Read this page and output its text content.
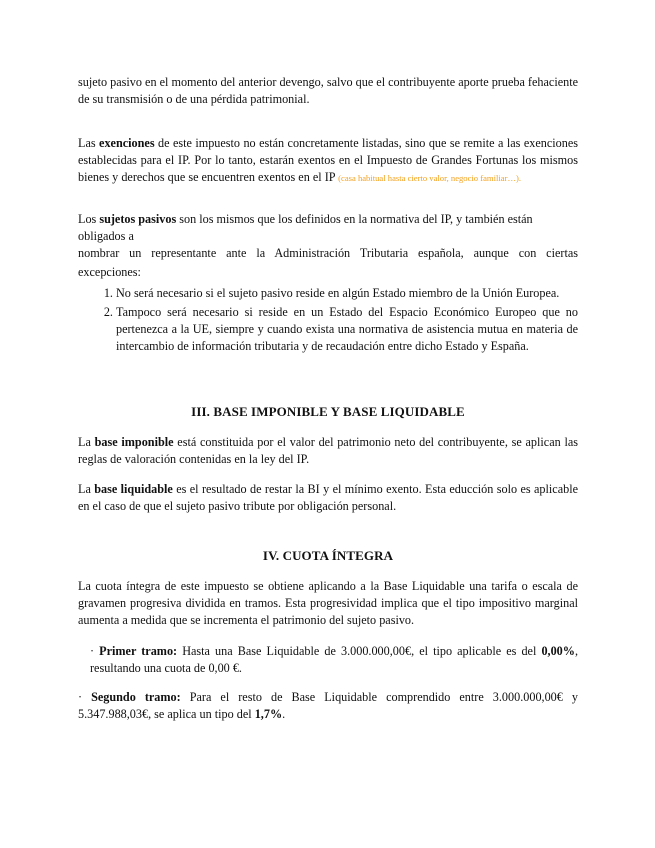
sujeto pasivo en el momento del anterior devengo, salvo que el contribuyente aporte prueba fehaciente de su transmisión o de una pérdida patrimonial.

Las exenciones de este impuesto no están concretamente listadas, sino que se remite a las exenciones establecidas para el IP. Por lo tanto, estarán exentos en el Impuesto de Grandes Fortunas los mismos bienes y derechos que se encuentren exentos en el IP (casa habitual hasta cierto valor, negocio familiar…).

Los sujetos pasivos son los mismos que los definidos en la normativa del IP, y también están obligados a

nombrar un representante ante la Administración Tributaria española, aunque con ciertas

excepciones:

1. No será necesario si el sujeto pasivo reside en algún Estado miembro de la Unión Europea.
2. Tampoco será necesario si reside en un Estado del Espacio Económico Europeo que no pertenezca a la UE, siempre y cuando exista una normativa de asistencia mutua en materia de intercambio de información tributaria y de recaudación entre dicho Estado y España.
III. BASE IMPONIBLE Y BASE LIQUIDABLE

La base imponible está constituida por el valor del patrimonio neto del contribuyente, se aplican las reglas de valoración contenidas en la ley del IP.

La base liquidable es el resultado de restar la BI y el mínimo exento. Esta educción solo es aplicable en el caso de que el sujeto pasivo tribute por obligación personal.

IV. CUOTA ÍNTEGRA

La cuota íntegra de este impuesto se obtiene aplicando a la Base Liquidable una tarifa o escala de gravamen progresiva dividida en tramos. Esta progresividad implica que el tipo impositivo marginal aumenta a medida que se incrementa el patrimonio del sujeto pasivo.

· Primer tramo: Hasta una Base Liquidable de 3.000.000,00€, el tipo aplicable es del 0,00%, resultando una cuota de 0,00 €.

· Segundo tramo: Para el resto de Base Liquidable comprendido entre 3.000.000,00€ y 5.347.988,03€, se aplica un tipo del 1,7%.
